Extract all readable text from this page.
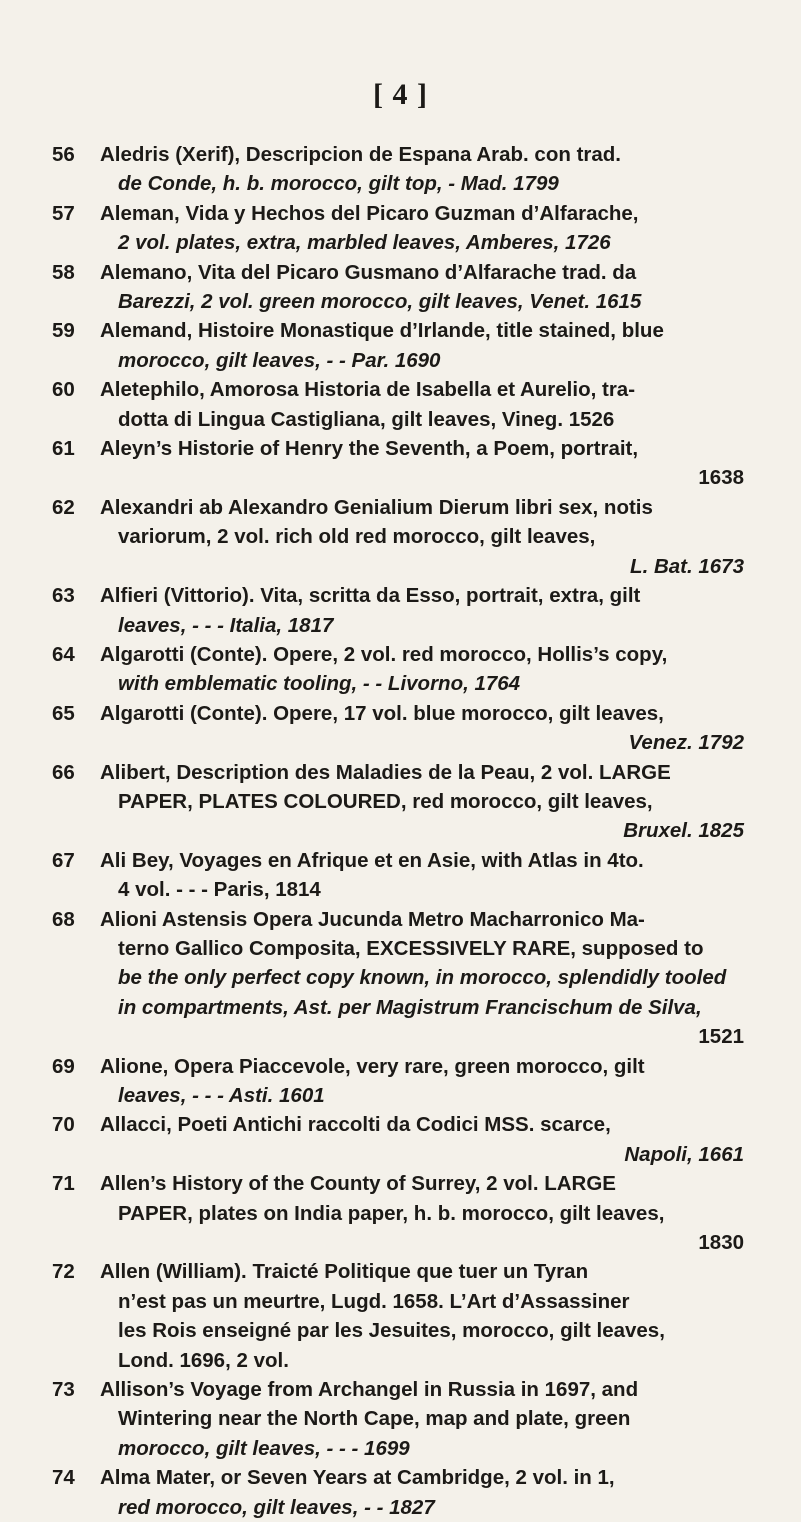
[ 4 ]
56 Aledris (Xerif), Descripcion de Espana Arab. con trad.
de Conde, h. b. morocco, gilt top, - Mad. 1799
57 Aleman, Vida y Hechos del Picaro Guzman d’Alfarache,
2 vol. plates, extra, marbled leaves, Amberes, 1726
58 Alemano, Vita del Picaro Gusmano d’Alfarache trad. da
Barezzi, 2 vol. green morocco, gilt leaves, Venet. 1615
59 Alemand, Histoire Monastique d’Irlande, title stained, blue
morocco, gilt leaves, - - Par. 1690
60 Aletephilo, Amorosa Historia de Isabella et Aurelio, tra-
dotta di Lingua Castigliana, gilt leaves, Vineg. 1526
61 Aleyn’s Historie of Henry the Seventh, a Poem, portrait,
1638
62 Alexandri ab Alexandro Genialium Dierum libri sex, notis
variorum, 2 vol. rich old red morocco, gilt leaves,
L. Bat. 1673
63 Alfieri (Vittorio). Vita, scritta da Esso, portrait, extra, gilt
leaves, - - - Italia, 1817
64 Algarotti (Conte). Opere, 2 vol. red morocco, Hollis’s copy,
with emblematic tooling, - - Livorno, 1764
65 Algarotti (Conte). Opere, 17 vol. blue morocco, gilt leaves,
Venez. 1792
66 Alibert, Description des Maladies de la Peau, 2 vol. LARGE
PAPER, PLATES COLOURED, red morocco, gilt leaves,
Bruxel. 1825
67 Ali Bey, Voyages en Afrique et en Asie, with Atlas in 4to.
4 vol. - - - Paris, 1814
68 Alioni Astensis Opera Jucunda Metro Macharronico Ma-
terno Gallico Composita, EXCESSIVELY RARE, supposed to
be the only perfect copy known, in morocco, splendidly tooled
in compartments, Ast. per Magistrum Francischum de Silva,
1521
69 Alione, Opera Piaccevole, very rare, green morocco, gilt
leaves, - - - Asti. 1601
70 Allacci, Poeti Antichi raccolti da Codici MSS. scarce,
Napoli, 1661
71 Allen’s History of the County of Surrey, 2 vol. LARGE
PAPER, plates on India paper, h. b. morocco, gilt leaves,
1830
72 Allen (William). Traicté Politique que tuer un Tyran
n’est pas un meurtre, Lugd. 1658. L’Art d’Assassiner
les Rois enseigné par les Jesuites, morocco, gilt leaves,
Lond. 1696, 2 vol.
73 Allison’s Voyage from Archangel in Russia in 1697, and
Wintering near the North Cape, map and plate, green
morocco, gilt leaves, - - - 1699
74 Alma Mater, or Seven Years at Cambridge, 2 vol. in 1,
red morocco, gilt leaves, - - 1827
